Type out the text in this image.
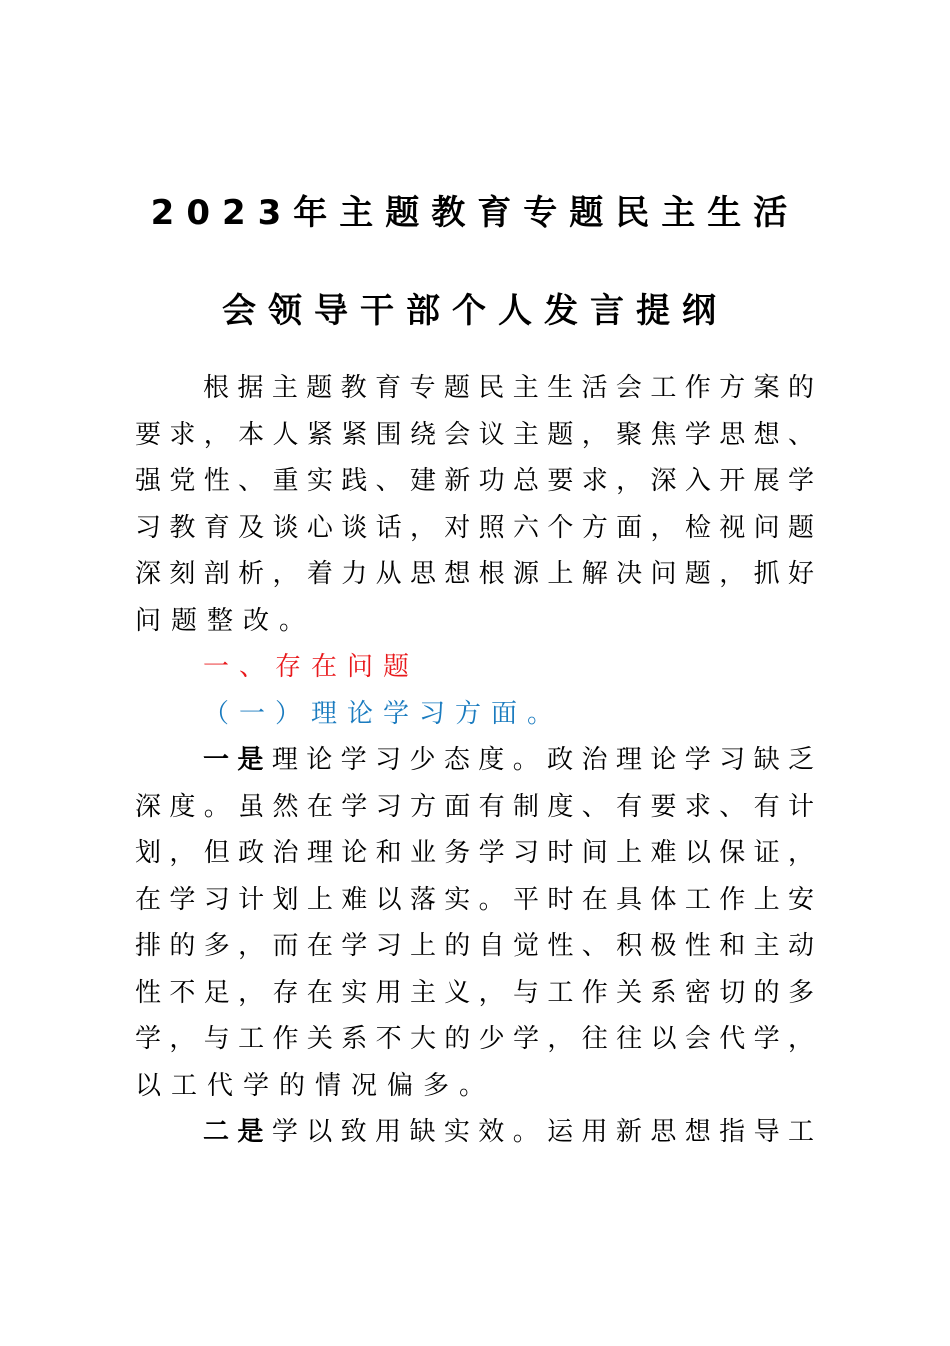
2023年主题教育专题民主生活
会领导干部个人发言提纲
根据主题教育专题民主生活会工作方案的
要求，本人紧紧围绕会议主题，聚焦学思想、
强党性、重实践、建新功总要求，深入开展学
习教育及谈心谈话，对照六个方面，检视问题
深刻剖析，着力从思想根源上解决问题，抓好
问题整改。
一、存在问题
（一）理论学习方面。
一是理论学习少态度。政治理论学习缺乏
深度。虽然在学习方面有制度、有要求、有计
划，但政治理论和业务学习时间上难以保证，
在学习计划上难以落实。平时在具体工作上安
排的多，而在学习上的自觉性、积极性和主动
性不足，存在实用主义，与工作关系密切的多
学，与工作关系不大的少学，往往以会代学，
以工代学的情况偏多。
二是学以致用缺实效。运用新思想指导工
